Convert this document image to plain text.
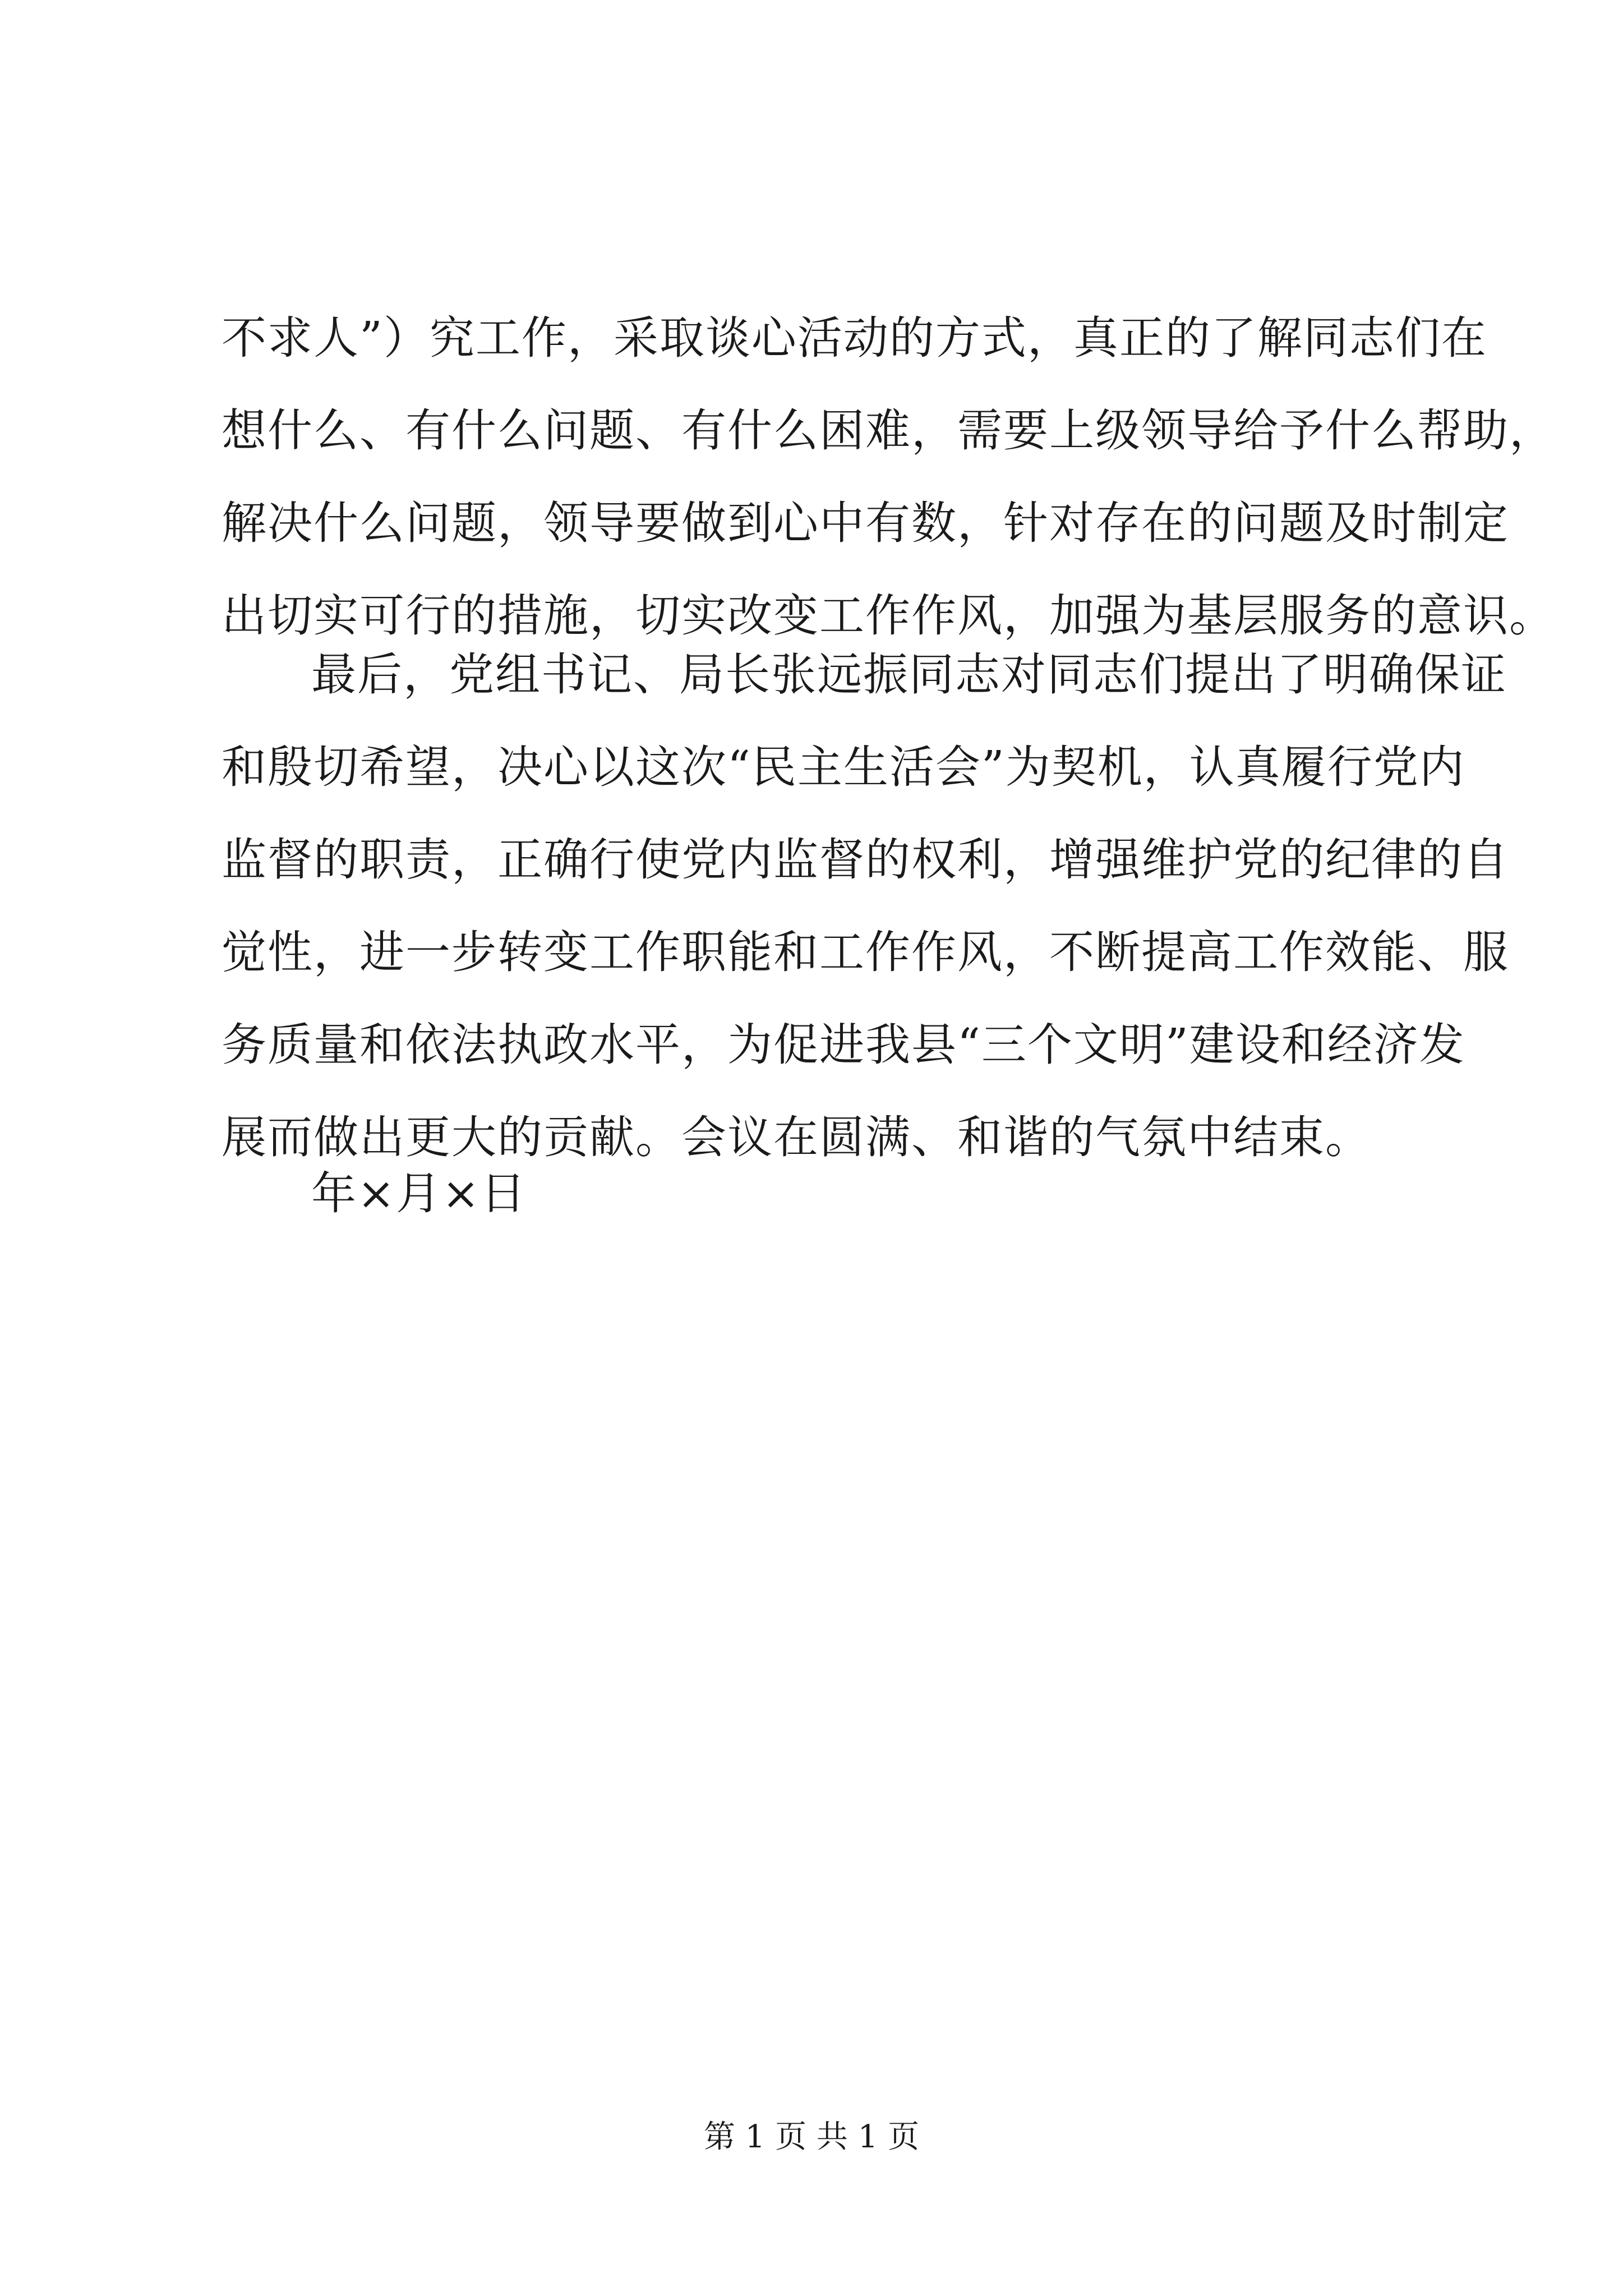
不求人”）究工作，采取谈心活动的方式，真正的了解同志们在
想什么、有什么问题、有什么困难，需要上级领导给予什么帮助，
解决什么问题，领导要做到心中有数，针对存在的问题及时制定
出切实可行的措施，切实改变工作作风，加强为基层服务的意识。
最后，党组书记、局长张远振同志对同志们提出了明确保证
和殷切希望，决心以这次“民主生活会”为契机，认真履行党内
监督的职责，正确行使党内监督的权利，增强维护党的纪律的自
觉性，进一步转变工作职能和工作作风，不断提高工作效能、服
务质量和依法执政水平，为促进我县“三个文明”建设和经济发
展而做出更大的贡献。会议在圆满、和谐的气氛中结束。
年×月×日
第 1 页 共 1 页
